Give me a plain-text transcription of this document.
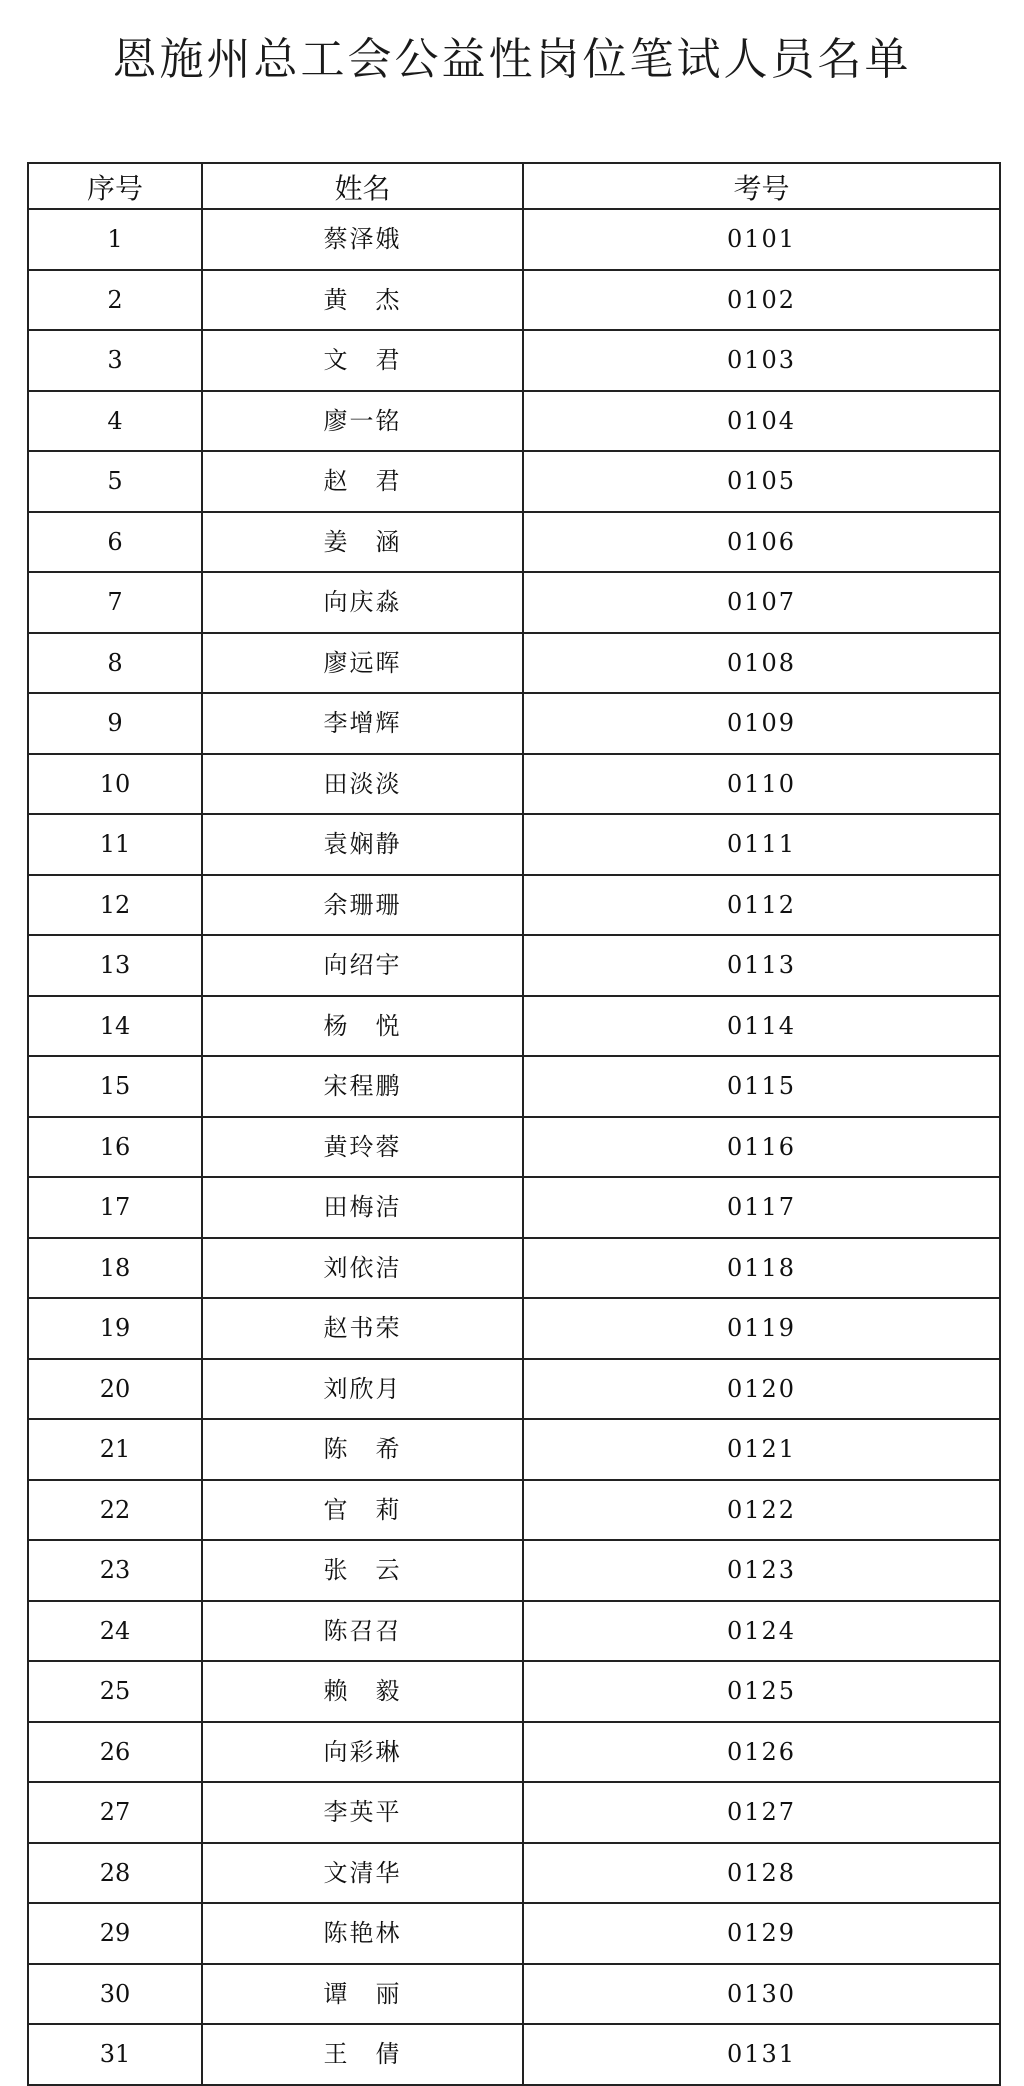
恩施州总工会公益性岗位笔试人员名单
序号	姓名	考号
1	蔡泽娥	0101
2	黄　杰	0102
3	文　君	0103
4	廖一铭	0104
5	赵　君	0105
6	姜　涵	0106
7	向庆淼	0107
8	廖远晖	0108
9	李增辉	0109
10	田淡淡	0110
11	袁娴静	0111
12	余珊珊	0112
13	向绍宇	0113
14	杨　悦	0114
15	宋程鹏	0115
16	黄玲蓉	0116
17	田梅洁	0117
18	刘依洁	0118
19	赵书荣	0119
20	刘欣月	0120
21	陈　希	0121
22	官　莉	0122
23	张　云	0123
24	陈召召	0124
25	赖　毅	0125
26	向彩琳	0126
27	李英平	0127
28	文清华	0128
29	陈艳林	0129
30	谭　丽	0130
31	王　倩	0131
